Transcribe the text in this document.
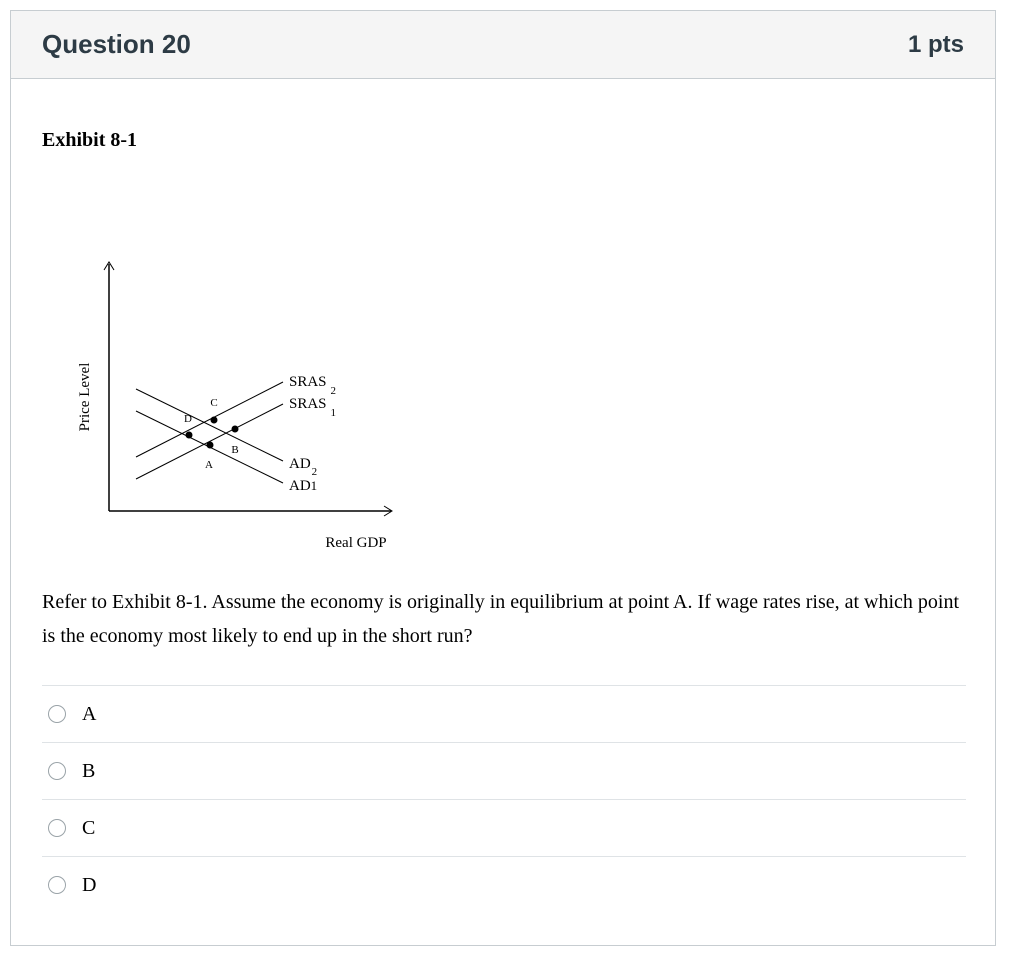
Question 20	1 pts
Exhibit 8-1
Price Level
Real GDP
$SRAS_2$
$SRAS_1$
$AD_2$
AD1
D
C
A
B
Refer to Exhibit 8-1. Assume the economy is originally in equilibrium at point A. If wage rates rise, at which point is the economy most likely to end up in the short run?
A
B
C
D
